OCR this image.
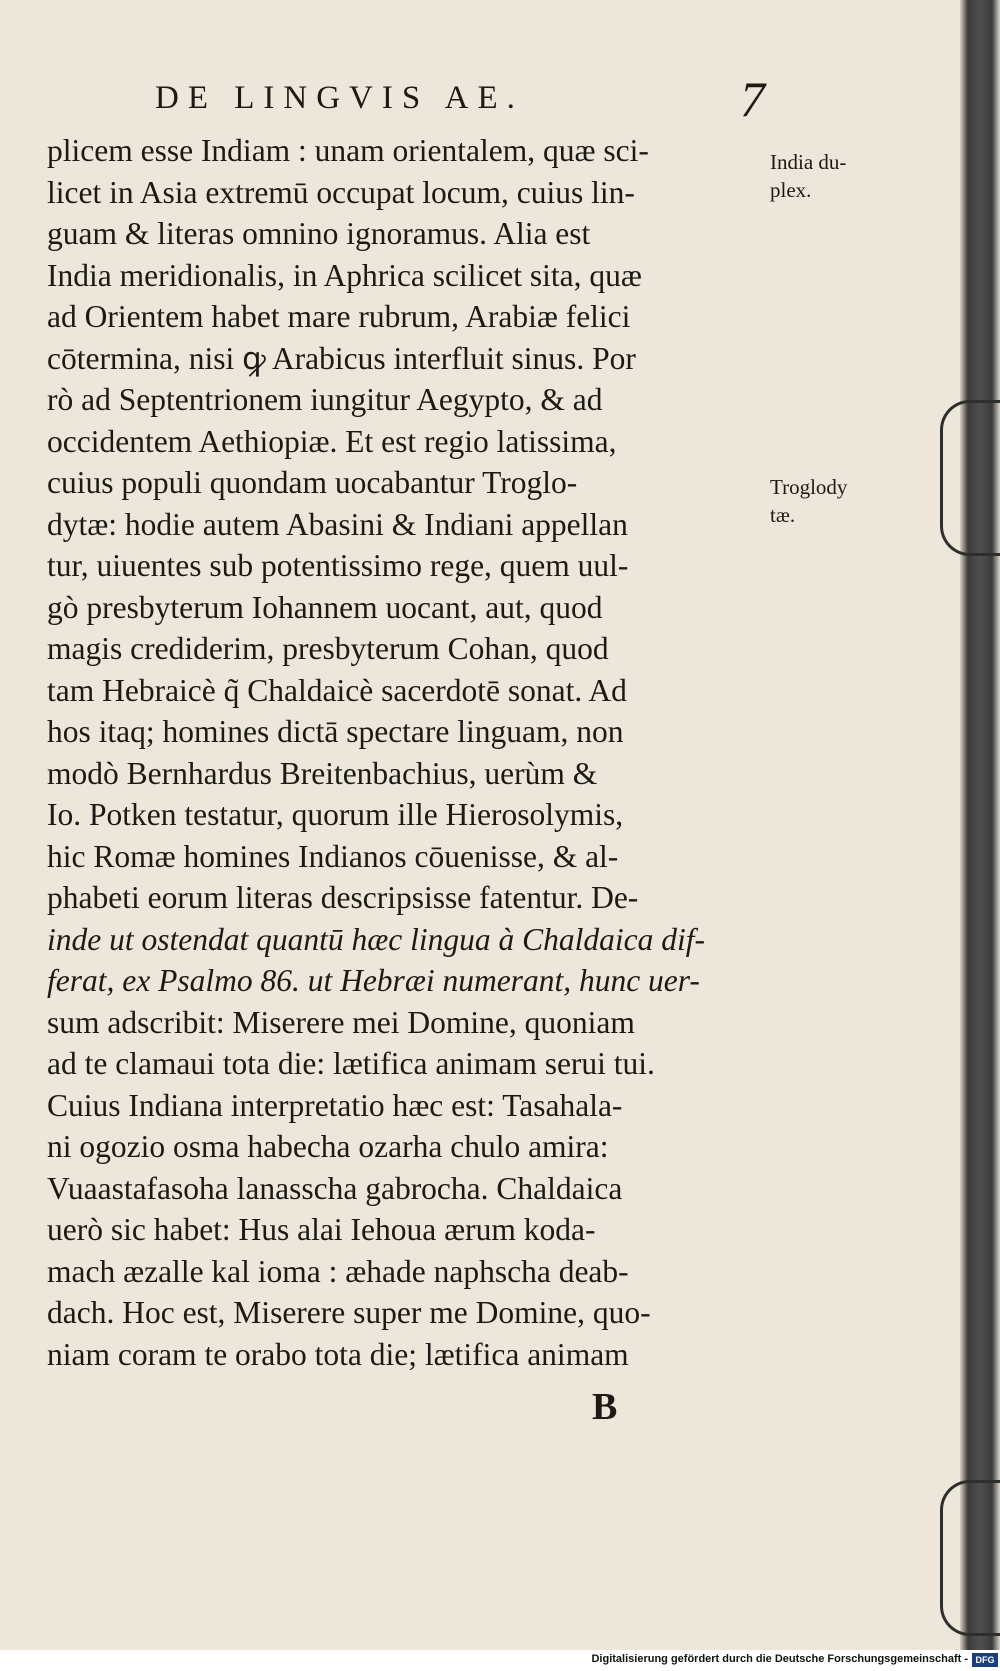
DE LINGVIS AE.	7
plicem esse Indiam : unam orientalem, quæ sci-
licet in Asia extremū occupat locum, cuius lin-
guam & literas omnino ignoramus. Alia est
India meridionalis, in Aphrica scilicet sita, quæ
ad Orientem habet mare rubrum, Arabiæ felici
cōtermina, nisi ꝙ Arabicus interfluit sinus. Por
rò ad Septentrionem iungitur Aegypto, & ad
occidentem Aethiopiæ. Et est regio latissima,
cuius populi quondam uocabantur Troglo-
dytæ: hodie autem Abasini & Indiani appellan
tur, uiuentes sub potentissimo rege, quem uul-
gò presbyterum Iohannem uocant, aut, quod
magis crediderim, presbyterum Cohan, quod
tam Hebraicè q̃ Chaldaicè sacerdotē sonat. Ad
hos itaq; homines dictā spectare linguam, non
modò Bernhardus Breitenbachius, uerùm &
Io. Potken testatur, quorum ille Hierosolymis,
hic Romæ homines Indianos cōuenisse, & al-
phabeti eorum literas descripsisse fatentur. De-
inde ut ostendat quantū hæc lingua à Chaldaica dif-
ferat, ex Psalmo 86. ut Hebræi numerant, hunc uer-
sum adscribit: Miserere mei Domine, quoniam
ad te clamaui tota die: lætifica animam serui tui.
Cuius Indiana interpretatio hæc est: Tasahala-
ni ogozio osma habecha ozarha chulo amira:
Vuaastafasoha lanasscha gabrocha. Chaldaica
uerò sic habet: Hus alai Iehoua ærum koda-
mach æzalle kal ioma : æhade naphscha deab-
dach. Hoc est, Miserere super me Domine, quo-
niam coram te orabo tota die; lætifica animam
India du-
plex.
Troglody
tæ.
B
Digitalisierung gefördert durch die Deutsche Forschungsgemeinschaft - DFG
